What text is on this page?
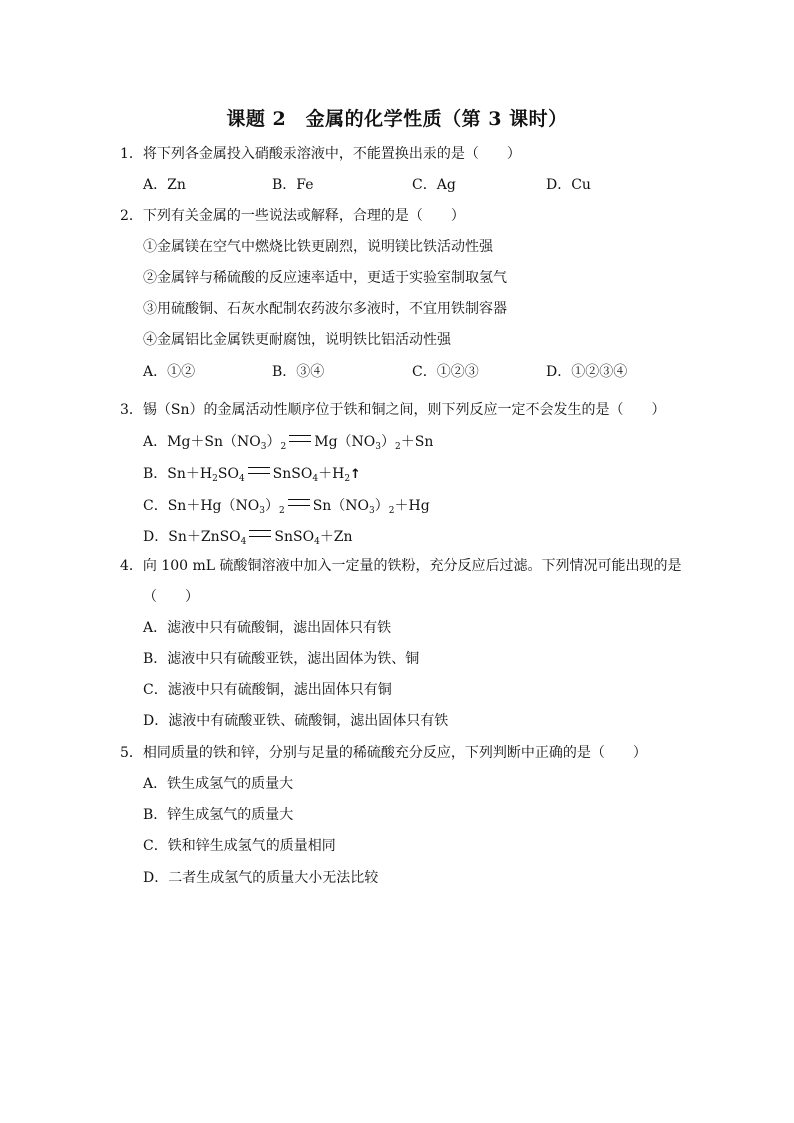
课题 2　金属的化学性质（第 3 课时）
1．将下列各金属投入硝酸汞溶液中，不能置换出汞的是（　　）
A．Zn	B．Fe	C．Ag	D．Cu
2．下列有关金属的一些说法或解释，合理的是（　　）
①金属镁在空气中燃烧比铁更剧烈，说明镁比铁活动性强
②金属锌与稀硫酸的反应速率适中，更适于实验室制取氢气
③用硫酸铜、石灰水配制农药波尔多液时，不宜用铁制容器
④金属铝比金属铁更耐腐蚀，说明铁比铝活动性强
A．①②	B．③④	C．①②③	D．①②③④
3．锡（Sn）的金属活动性顺序位于铁和铜之间，则下列反应一定不会发生的是（　　）
A．$Mg+Sn(NO_3)_2$ $Mg(NO_3)_2+Sn$
B．$Sn+H_2SO_4$ $SnSO_4+H_2↑$
C．$Sn+Hg(NO_3)_2$ $Sn(NO_3)_2+Hg$
D．Sn＋ZnSO$_4$ SnSO$_4$＋Zn
4．向 100 mL 硫酸铜溶液中加入一定量的铁粉，充分反应后过滤。下列情况可能出现的是
（　　）
A．滤液中只有硫酸铜，滤出固体只有铁
B．滤液中只有硫酸亚铁，滤出固体为铁、铜
C．滤液中只有硫酸铜，滤出固体只有铜
D．滤液中有硫酸亚铁、硫酸铜，滤出固体只有铁
5．相同质量的铁和锌，分别与足量的稀硫酸充分反应，下列判断中正确的是（　　）
A．铁生成氢气的质量大
B．锌生成氢气的质量大
C．铁和锌生成氢气的质量相同
D．二者生成氢气的质量大小无法比较
